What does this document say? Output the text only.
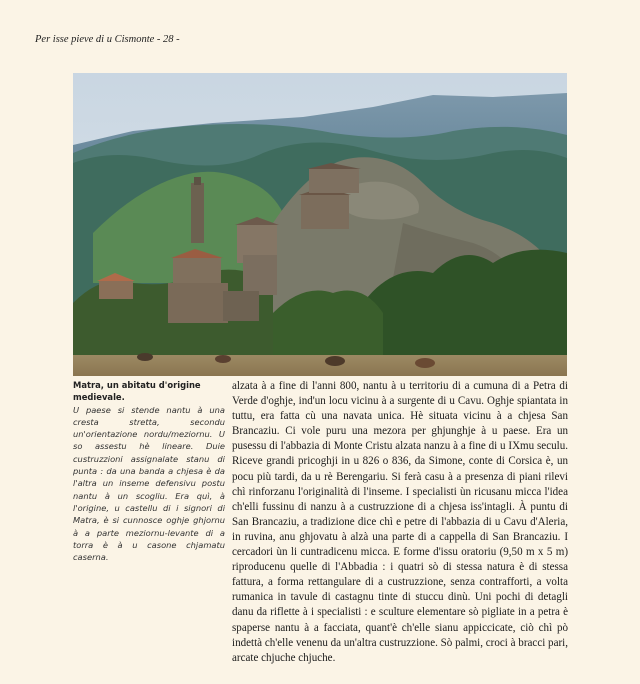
Per isse pieve di u Cismonte - 28 -
Matra, un abitatu d'origine medievale.
U paese si stende nantu à una cresta stretta, secondu un'orientazione nordu/meziornu. U so assestu hè lineare. Duie custruzzioni assignalate stanu di punta : da una banda a chjesa è da l'altra un inseme defensivu postu nantu à un scogliu. Era quì, à l'origine, u castellu di i signori di Matra, è si cunnosce oghje ghjornu à a parte meziornu-levante di a torra è à u casone chjamatu caserna.

alzata à a fine di l'anni 800, nantu à u territoriu di a cumuna di a Petra di Verde d'oghje, ind'un locu vicinu à a surgente di u Cavu. Oghje spiantata in tuttu, era fatta cù una navata unica. Hè situata vicinu à a chjesa San Brancaziu. Ci vole puru una mezora per ghjunghje à u paese. Era un pusessu di l'abbazia di Monte Cristu alzata nanzu à a fine di u IXmu seculu. Riceve grandi pricoghji in u 826 o 836, da Simone, conte di Corsica è, un pocu più tardi, da u rè Berengariu. Si ferà casu à a presenza di piani rilevi chì rinforzanu l'originalità di l'inseme. I specialisti ùn ricusanu micca l'idea ch'elli fussinu di nanzu à a custruzzione di a chjesa iss'intagli. À puntu di San Brancaziu, a tradizione dice chì e petre di l'abbazia di u Cavu d'Aleria, in ruvina, anu ghjovatu à alzà una parte di a cappella di San Brancaziu. I cercadori ùn li cuntradicenu micca. E forme d'issu oratoriu (9,50 m x 5 m) riproducenu quelle di l'Abbadia : i quatri sò di stessa natura è di stessa fattura, a forma rettangulare di a custruzzione, senza contrafforti, a volta rumanica in tavule di castagnu tinte di stuccu dinù. Uni pochi di detagli danu da riflette à i specialisti : e sculture elementare sò pigliate in a petra è spaperse nantu à a facciata, quant'è ch'elle sianu appiccicate, ciò chì pò indettà ch'elle venenu da un'altra custruzzione. Sò palmi, croci à bracci pari, arcate chjuche chjuche.
